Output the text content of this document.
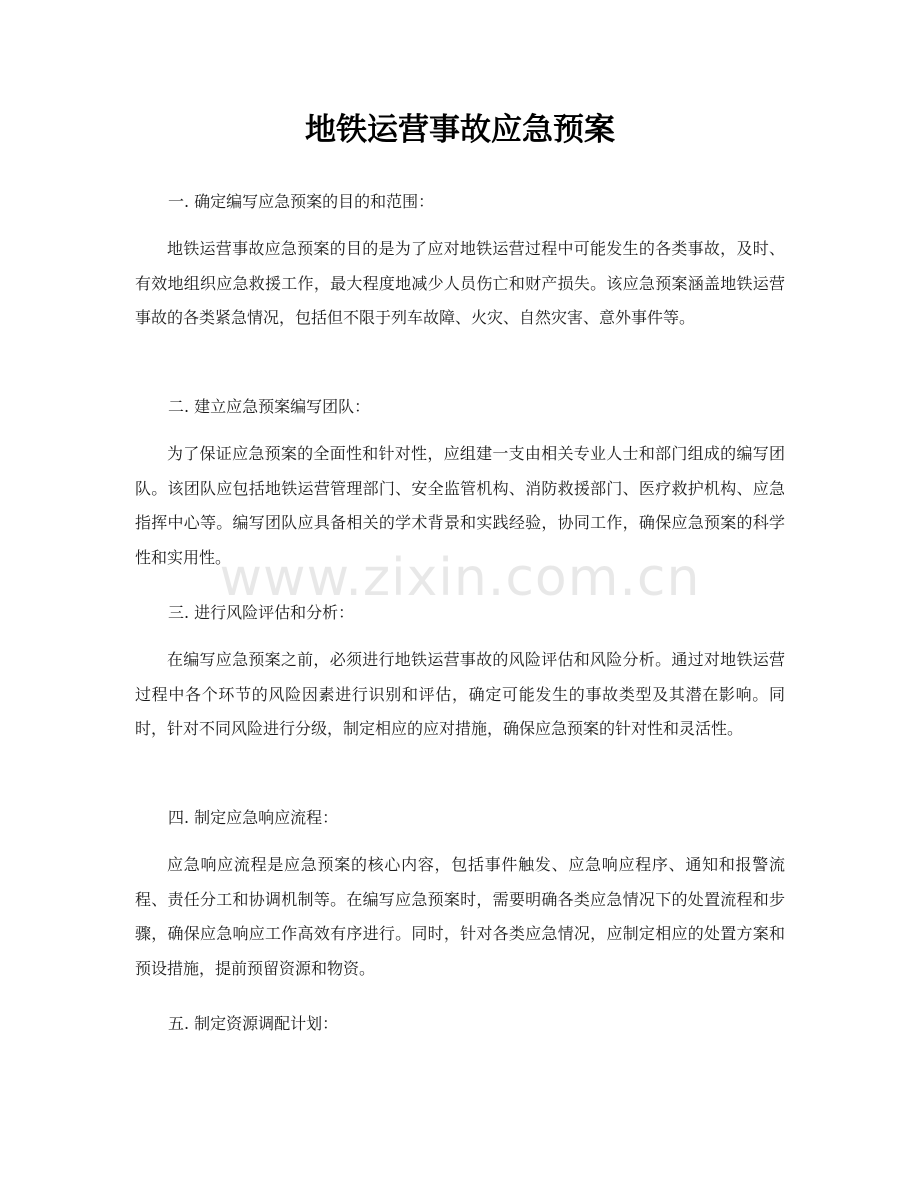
地铁运营事故应急预案

一. 确定编写应急预案的目的和范围：

地铁运营事故应急预案的目的是为了应对地铁运营过程中可能发生的各类事故，及时、有效地组织应急救援工作，最大程度地减少人员伤亡和财产损失。该应急预案涵盖地铁运营事故的各类紧急情况，包括但不限于列车故障、火灾、自然灾害、意外事件等。

二. 建立应急预案编写团队：

为了保证应急预案的全面性和针对性，应组建一支由相关专业人士和部门组成的编写团队。该团队应包括地铁运营管理部门、安全监管机构、消防救援部门、医疗救护机构、应急指挥中心等。编写团队应具备相关的学术背景和实践经验，协同工作，确保应急预案的科学性和实用性。

www.zixin.com.cn

三. 进行风险评估和分析：

在编写应急预案之前，必须进行地铁运营事故的风险评估和风险分析。通过对地铁运营过程中各个环节的风险因素进行识别和评估，确定可能发生的事故类型及其潜在影响。同时，针对不同风险进行分级，制定相应的应对措施，确保应急预案的针对性和灵活性。

四. 制定应急响应流程：

应急响应流程是应急预案的核心内容，包括事件触发、应急响应程序、通知和报警流程、责任分工和协调机制等。在编写应急预案时，需要明确各类应急情况下的处置流程和步骤，确保应急响应工作高效有序进行。同时，针对各类应急情况，应制定相应的处置方案和预设措施，提前预留资源和物资。

五. 制定资源调配计划：
